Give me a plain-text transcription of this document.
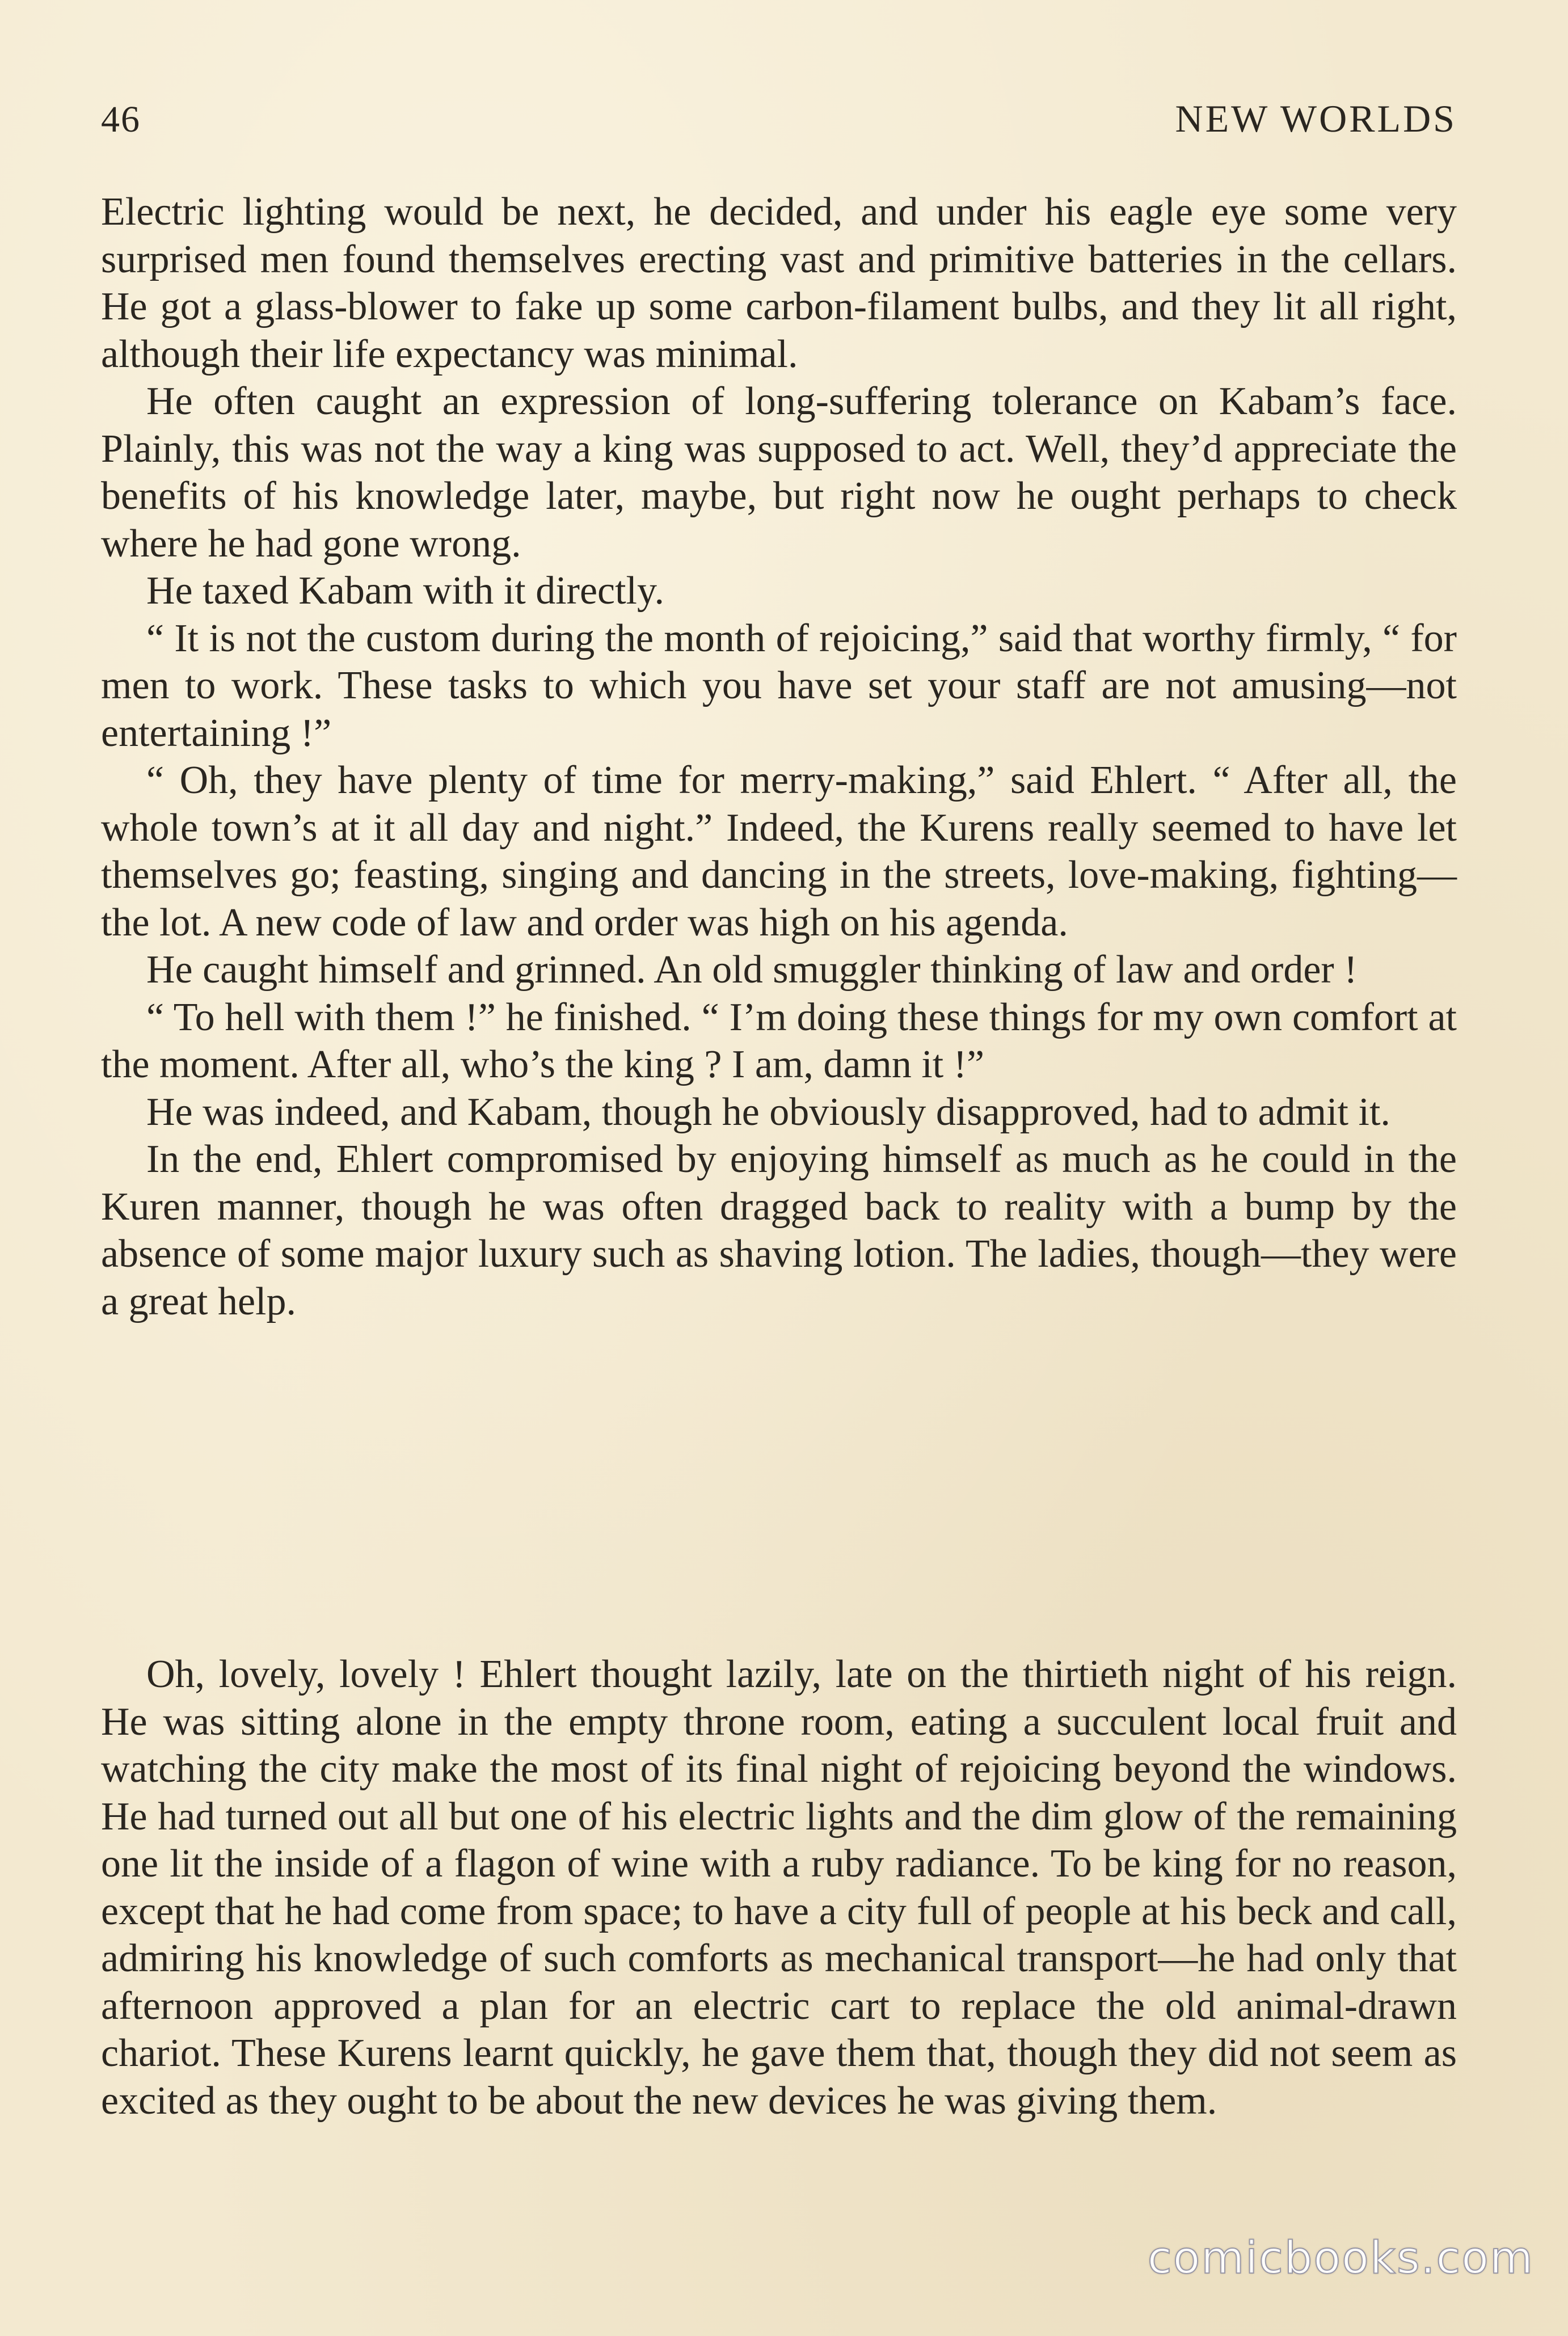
46	NEW WORLDS

Electric lighting would be next, he decided, and under his eagle eye some very surprised men found themselves erecting vast and primitive batteries in the cellars. He got a glass-blower to fake up some carbon-filament bulbs, and they lit all right, although their life expectancy was minimal.

He often caught an expression of long-suffering tolerance on Kabam’s face. Plainly, this was not the way a king was supposed to act. Well, they’d appreciate the benefits of his knowledge later, maybe, but right now he ought perhaps to check where he had gone wrong.

He taxed Kabam with it directly.

“ It is not the custom during the month of rejoicing,” said that worthy firmly, “ for men to work. These tasks to which you have set your staff are not amusing—not entertaining !”

“ Oh, they have plenty of time for merry-making,” said Ehlert. “ After all, the whole town’s at it all day and night.” Indeed, the Kurens really seemed to have let themselves go; feasting, singing and dancing in the streets, love-making, fighting—the lot. A new code of law and order was high on his agenda.

He caught himself and grinned. An old smuggler thinking of law and order !

“ To hell with them !” he finished. “ I’m doing these things for my own comfort at the moment. After all, who’s the king ? I am, damn it !”

He was indeed, and Kabam, though he obviously disapproved, had to admit it.

In the end, Ehlert compromised by enjoying himself as much as he could in the Kuren manner, though he was often dragged back to reality with a bump by the absence of some major luxury such as shaving lotion. The ladies, though—they were a great help.

Oh, lovely, lovely ! Ehlert thought lazily, late on the thirtieth night of his reign. He was sitting alone in the empty throne room, eating a succulent local fruit and watching the city make the most of its final night of rejoicing beyond the windows. He had turned out all but one of his electric lights and the dim glow of the remaining one lit the inside of a flagon of wine with a ruby radiance. To be king for no reason, except that he had come from space; to have a city full of people at his beck and call, admiring his knowledge of such comforts as mechanical transport—he had only that afternoon approved a plan for an electric cart to replace the old animal-drawn chariot. These Kurens learnt quickly, he gave them that, though they did not seem as excited as they ought to be about the new devices he was giving them.

comicbooks.com
